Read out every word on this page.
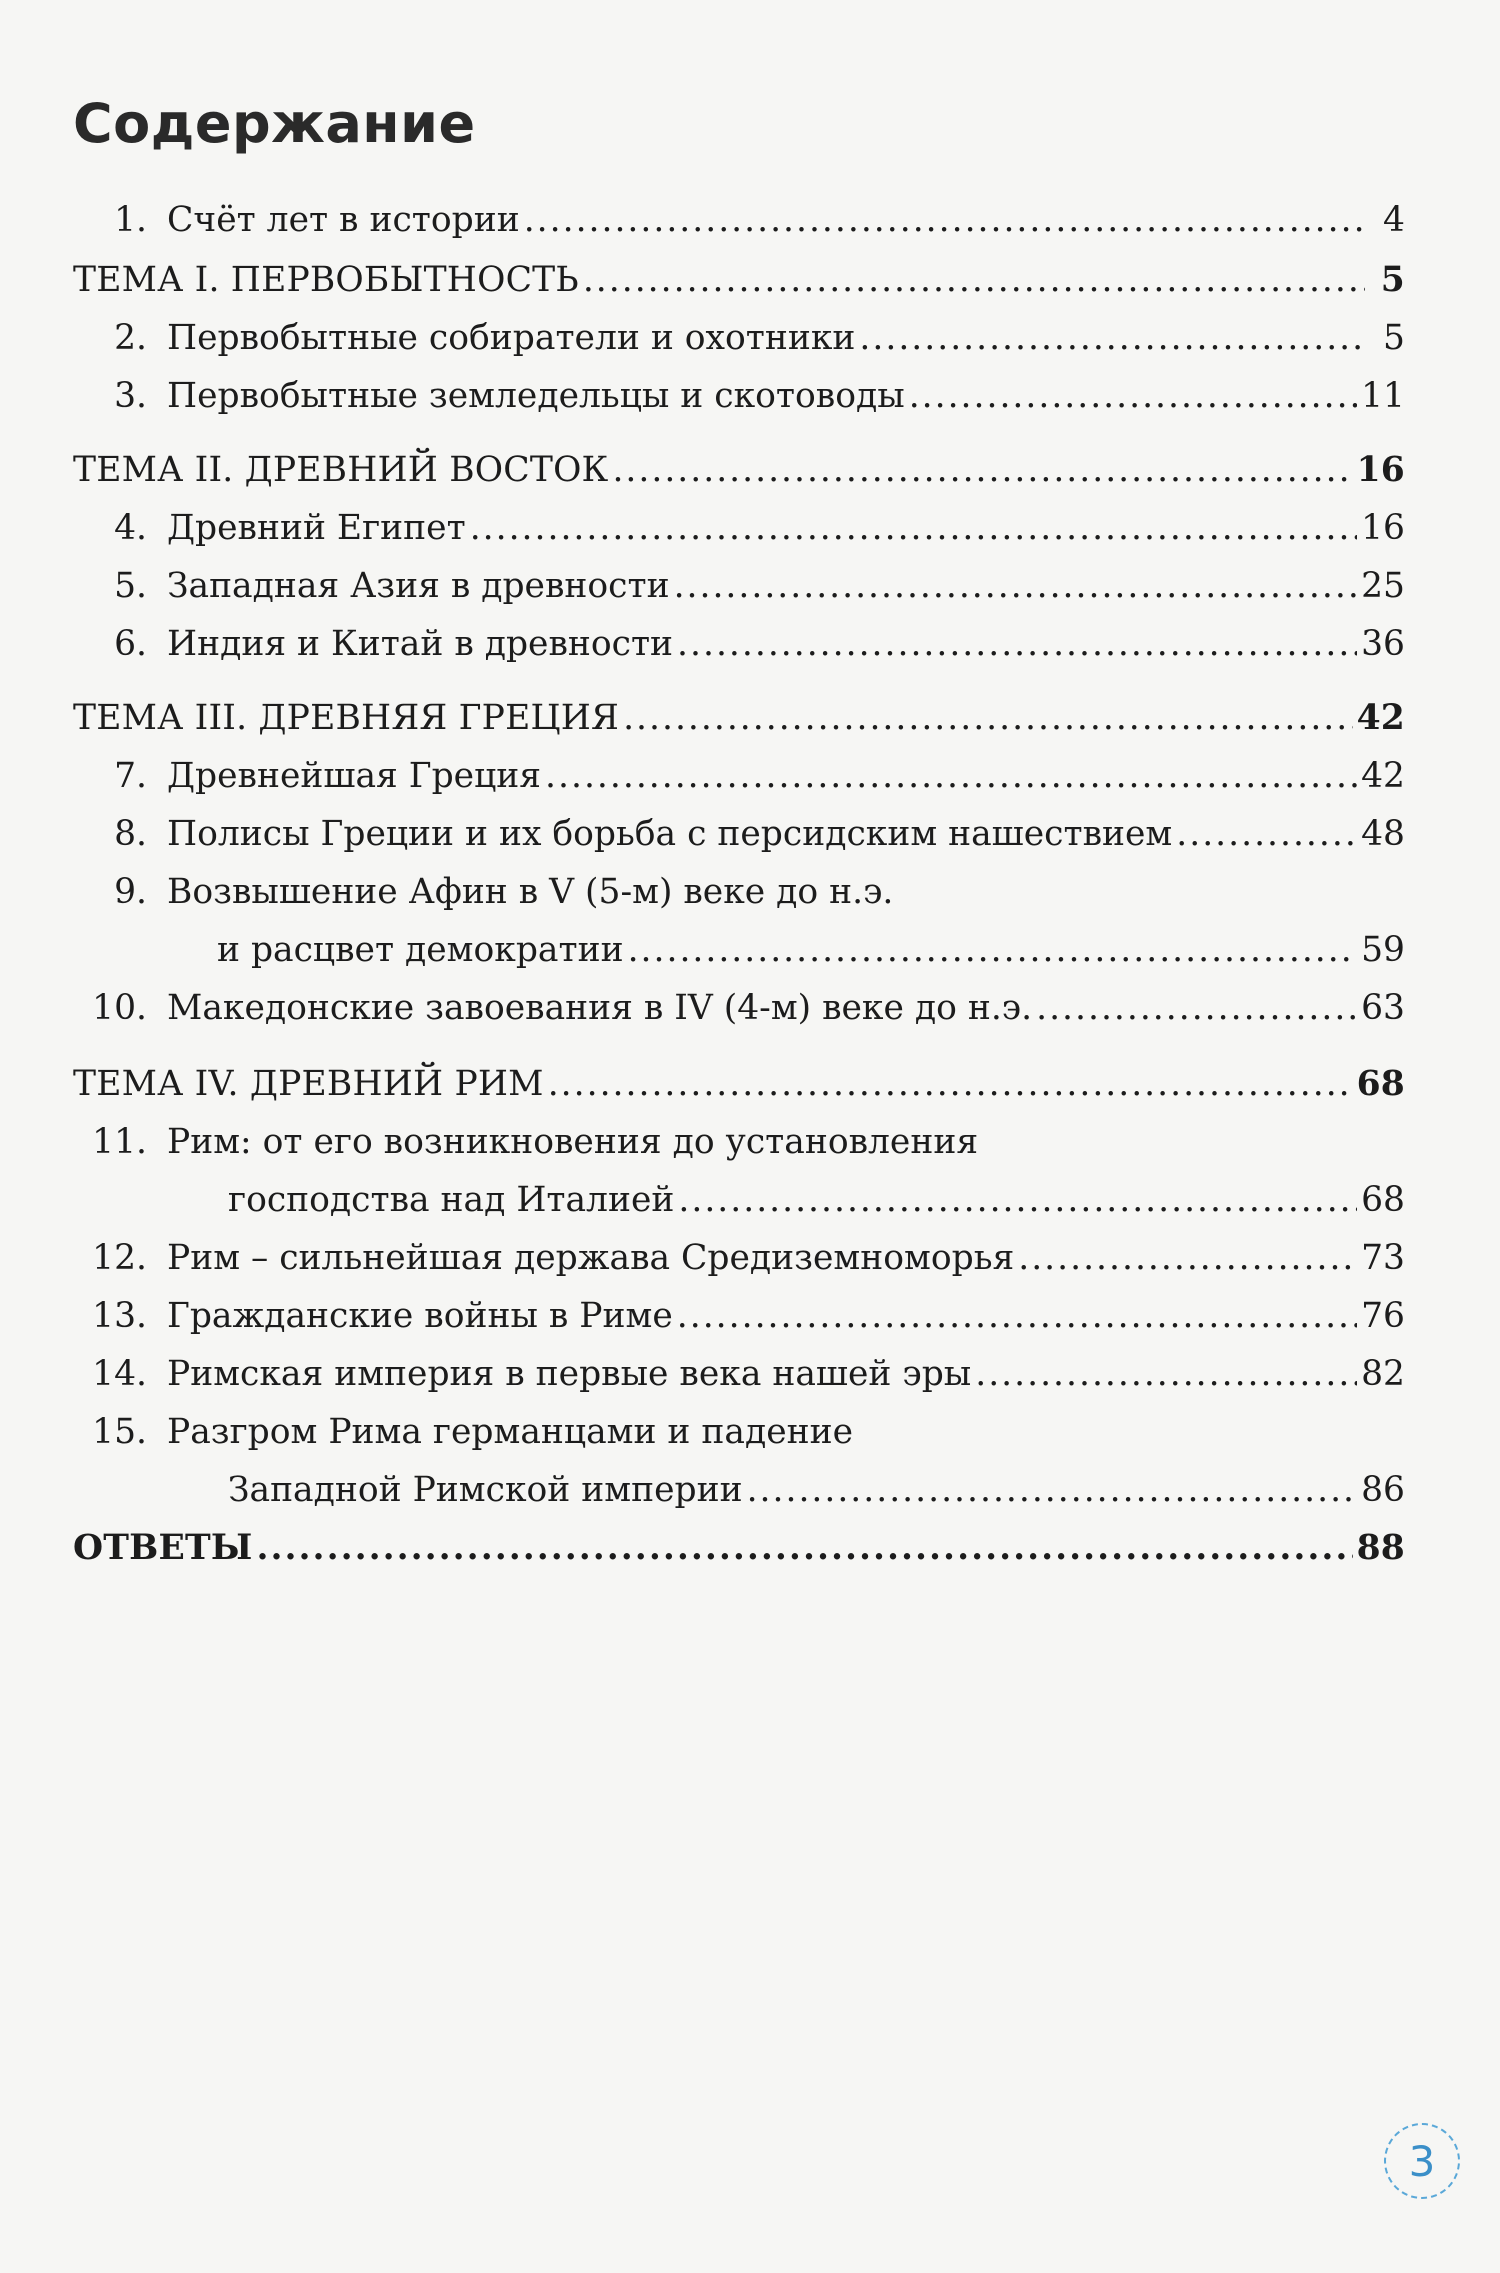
Содержание
1. Счёт лет в истории .....	4
ТЕМА I. ПЕРВОБЫТНОСТЬ .....	5
2. Первобытные собиратели и охотники .....	5
3. Первобытные земледельцы и скотоводы .....	11
ТЕМА II. ДРЕВНИЙ ВОСТОК .....	16
4. Древний Египет .....	16
5. Западная Азия в древности .....	25
6. Индия и Китай в древности .....	36
ТЕМА III. ДРЕВНЯЯ ГРЕЦИЯ .....	42
7. Древнейшая Греция .....	42
8. Полисы Греции и их борьба с персидским нашествием .....	48
9. Возвышение Афин в V (5-м) веке до н.э.
и расцвет демократии .....	59
10. Македонские завоевания в IV (4-м) веке до н.э. .....	63
ТЕМА IV. ДРЕВНИЙ РИМ .....	68
11. Рим: от его возникновения до установления
господства над Италией .....	68
12. Рим – сильнейшая держава Средиземноморья .....	73
13. Гражданские войны в Риме .....	76
14. Римская империя в первые века нашей эры .....	82
15. Разгром Рима германцами и падение
Западной Римской империи .....	86
ОТВЕТЫ .....	88
3
